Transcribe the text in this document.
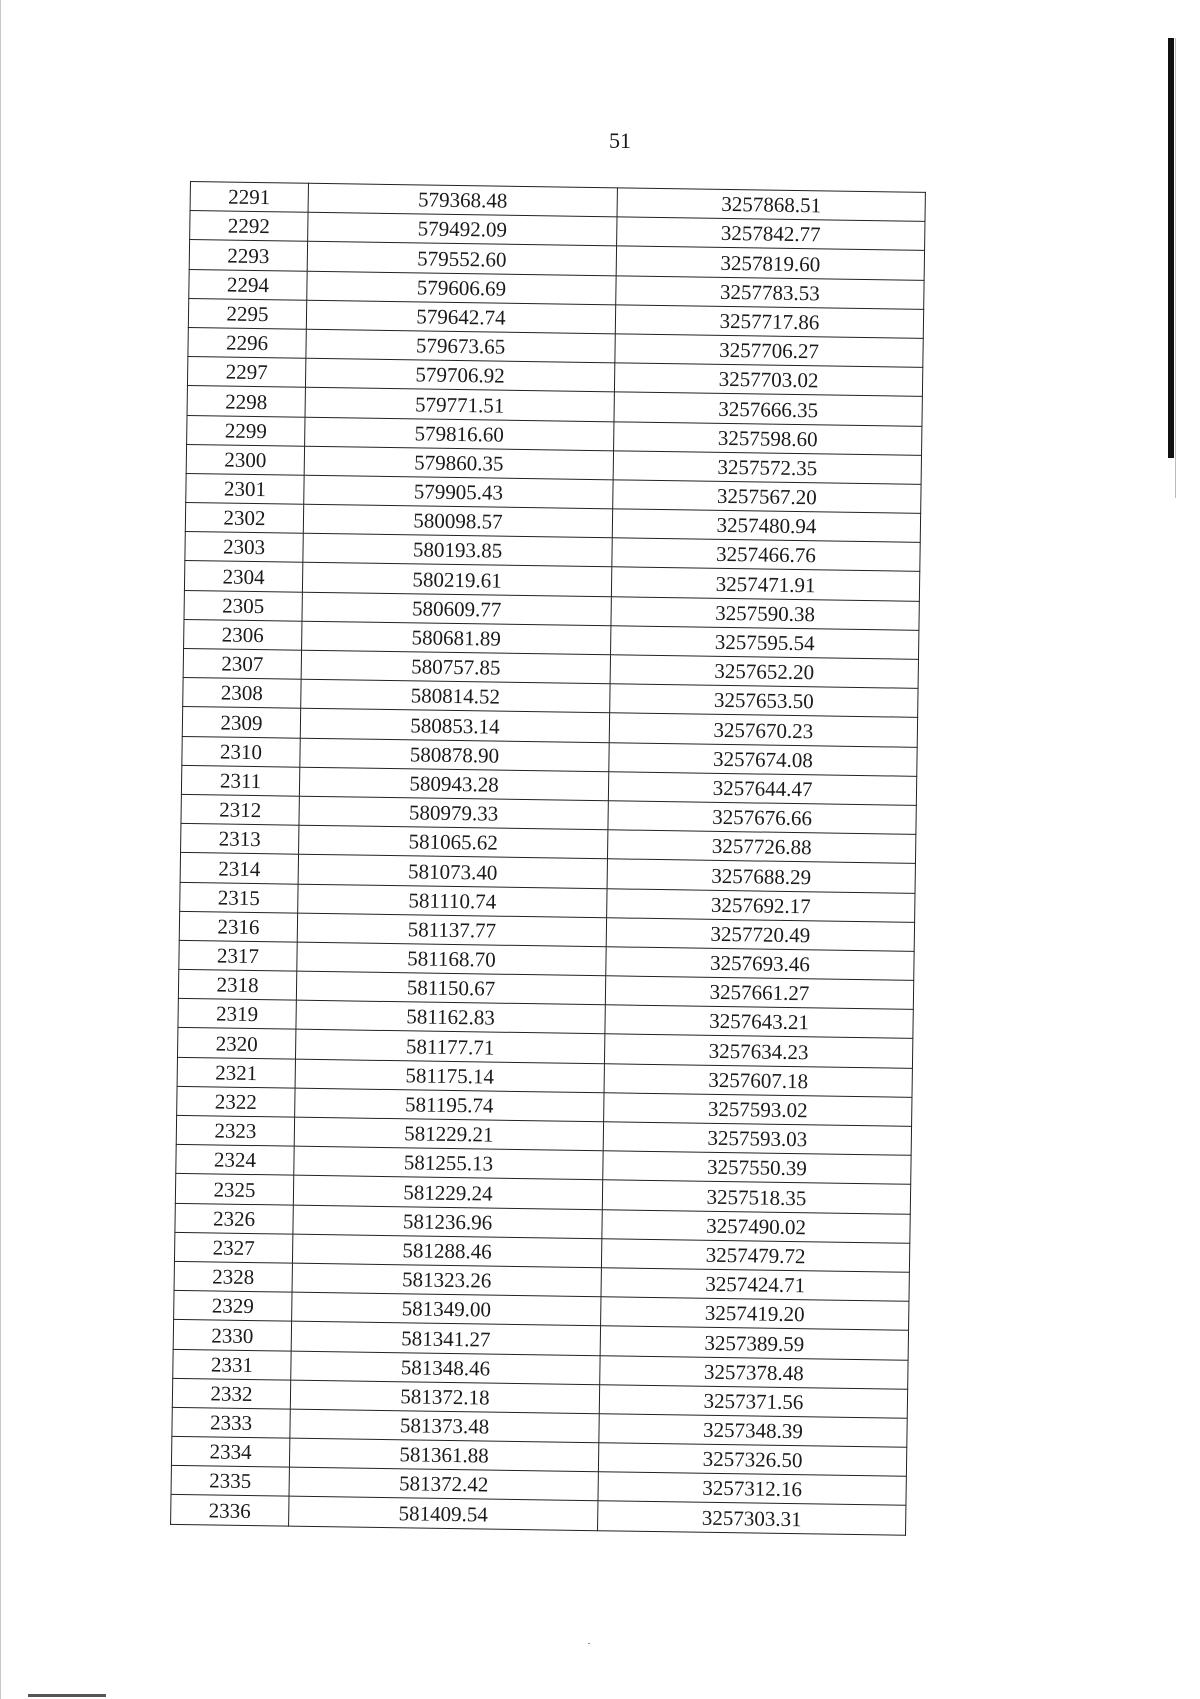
51
2291	579368.48	3257868.51
2292	579492.09	3257842.77
2293	579552.60	3257819.60
2294	579606.69	3257783.53
2295	579642.74	3257717.86
2296	579673.65	3257706.27
2297	579706.92	3257703.02
2298	579771.51	3257666.35
2299	579816.60	3257598.60
2300	579860.35	3257572.35
2301	579905.43	3257567.20
2302	580098.57	3257480.94
2303	580193.85	3257466.76
2304	580219.61	3257471.91
2305	580609.77	3257590.38
2306	580681.89	3257595.54
2307	580757.85	3257652.20
2308	580814.52	3257653.50
2309	580853.14	3257670.23
2310	580878.90	3257674.08
2311	580943.28	3257644.47
2312	580979.33	3257676.66
2313	581065.62	3257726.88
2314	581073.40	3257688.29
2315	581110.74	3257692.17
2316	581137.77	3257720.49
2317	581168.70	3257693.46
2318	581150.67	3257661.27
2319	581162.83	3257643.21
2320	581177.71	3257634.23
2321	581175.14	3257607.18
2322	581195.74	3257593.02
2323	581229.21	3257593.03
2324	581255.13	3257550.39
2325	581229.24	3257518.35
2326	581236.96	3257490.02
2327	581288.46	3257479.72
2328	581323.26	3257424.71
2329	581349.00	3257419.20
2330	581341.27	3257389.59
2331	581348.46	3257378.48
2332	581372.18	3257371.56
2333	581373.48	3257348.39
2334	581361.88	3257326.50
2335	581372.42	3257312.16
2336	581409.54	3257303.31
